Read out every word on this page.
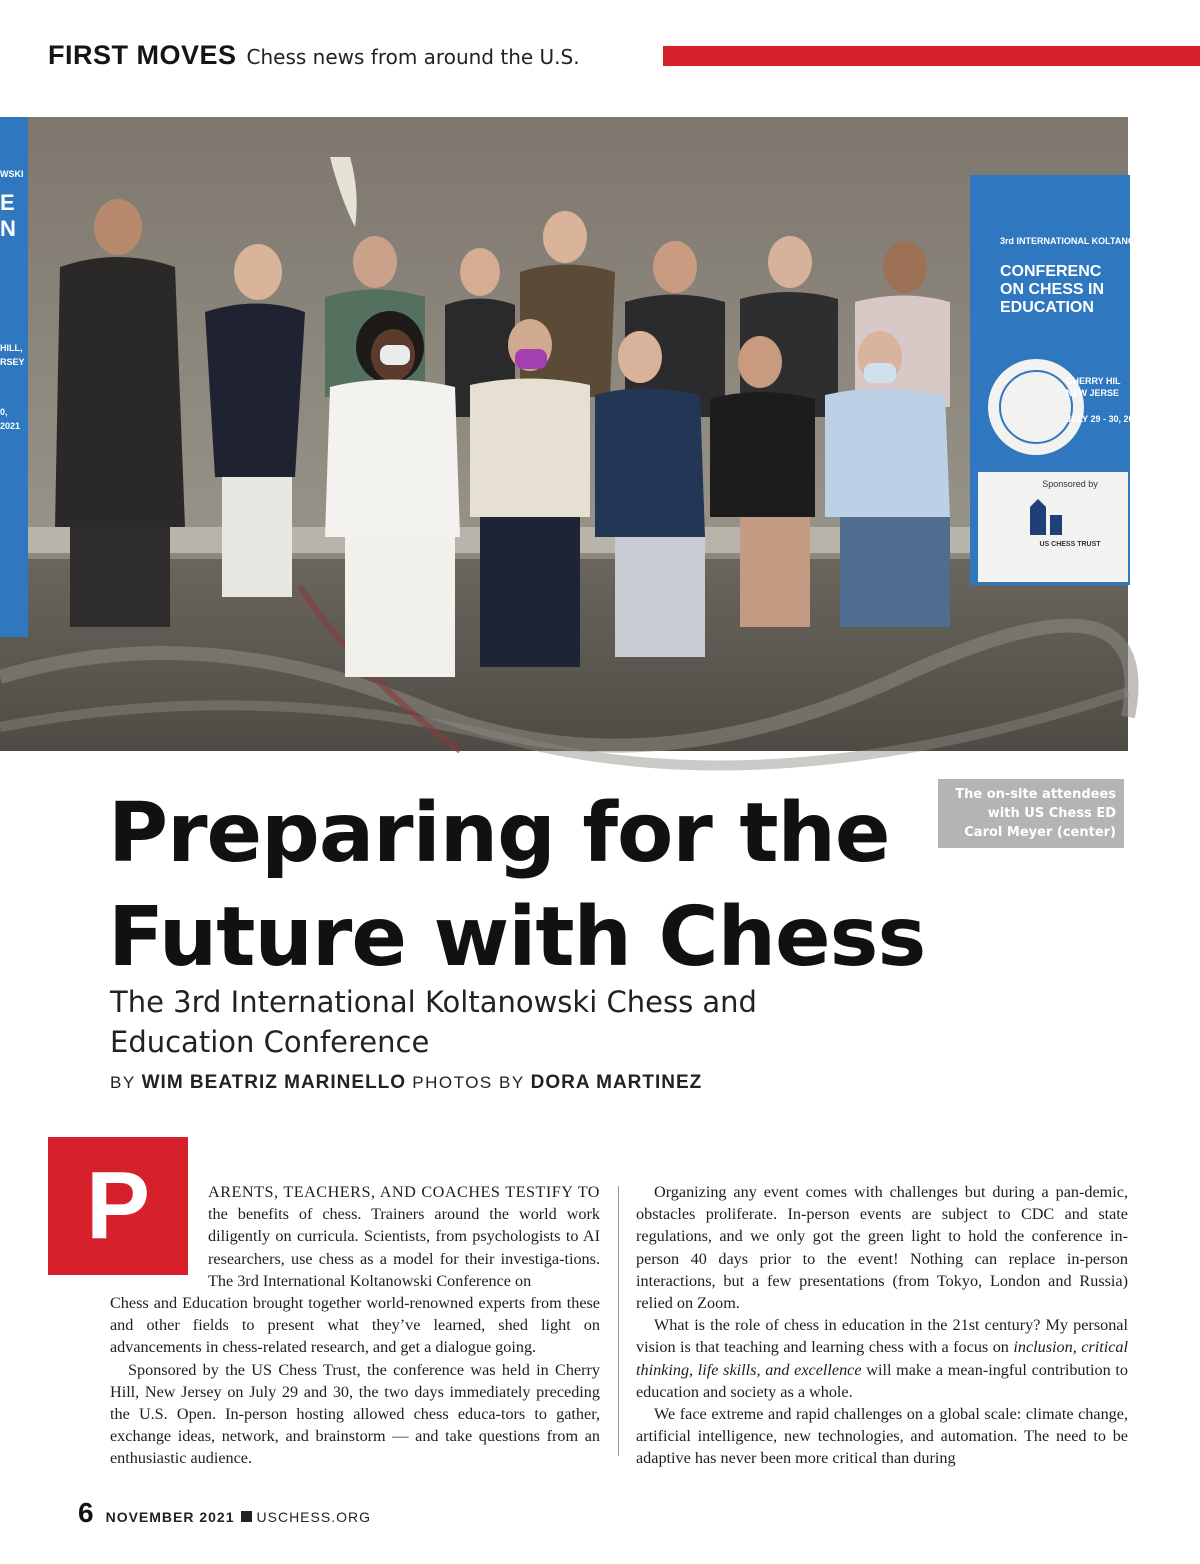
FIRST MOVES Chess news from around the U.S.
WSKI
E
N
HILL,
RSEY
0, 2021
3rd INTERNATIONAL KOLTANO
CONFERENC
ON CHESS IN
EDUCATION
CONFERENCE ON CHESS IN EDUCATION
CHERRY HIL
NEW JERSE
JULY 29 - 30, 20
Sponsored by
US CHESS TRUST
The on-site attendees
with US Chess ED
Carol Meyer (center)
Preparing for the
Future with Chess
The 3rd International Koltanowski Chess and Education Conference
BY WIM BEATRIZ MARINELLO PHOTOS BY DORA MARTINEZ
P	ARENTS, TEACHERS, AND COACHES TESTIFY TO the benefits of chess. Trainers around the world work diligently on curricula. Scientists, from psychologists to AI researchers, use chess as a model for their investiga-tions. The 3rd International Koltanowski Conference on

Chess and Education brought together world-renowned experts from these and other fields to present what they’ve learned, shed light on advancements in chess-related research, and get a dialogue going.

Sponsored by the US Chess Trust, the conference was held in Cherry Hill, New Jersey on July 29 and 30, the two days immediately preceding the U.S. Open. In-person hosting allowed chess educa-tors to gather, exchange ideas, network, and brainstorm — and take questions from an enthusiastic audience.

Organizing any event comes with challenges but during a pan-demic, obstacles proliferate. In-person events are subject to CDC and state regulations, and we only got the green light to hold the conference in-person 40 days prior to the event! Nothing can replace in-person interactions, but a few presentations (from Tokyo, London and Russia) relied on Zoom.

What is the role of chess in education in the 21st century? My personal vision is that teaching and learning chess with a focus on inclusion, critical thinking, life skills, and excellence will make a mean-ingful contribution to education and society as a whole.

We face extreme and rapid challenges on a global scale: climate change, artificial intelligence, new technologies, and automation. The need to be adaptive has never been more critical than during

6 NOVEMBER 2021 USCHESS.ORG
